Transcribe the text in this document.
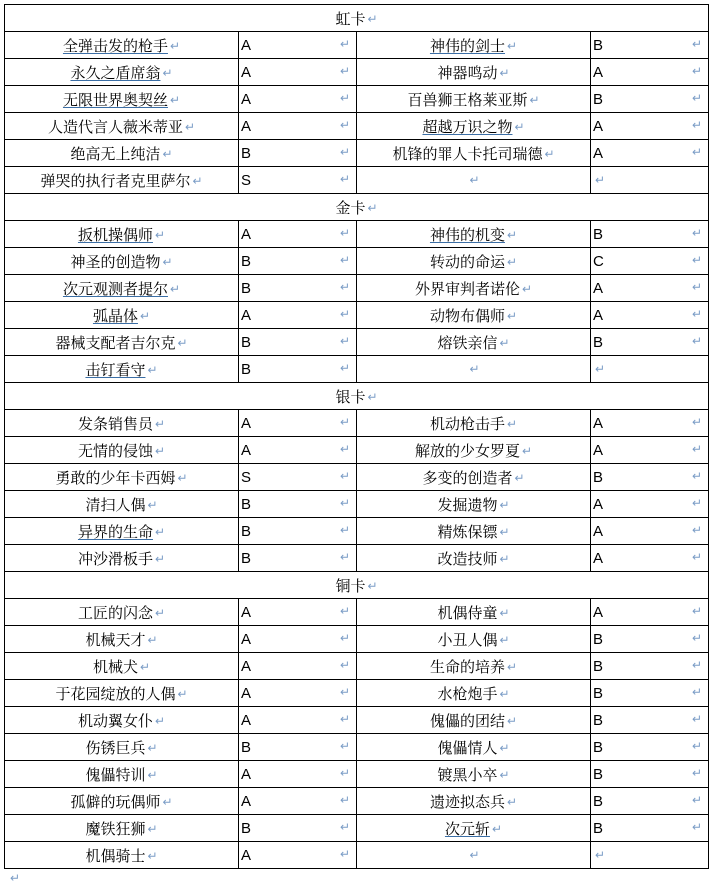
虹卡 ↵			
全弹击发的枪手 ↵	A ↵	神伟的剑士 ↵	B ↵

永久之盾席翁 ↵	A ↵	神器鸣动 ↵	A ↵

无限世界奥契丝 ↵	A ↵	百兽狮王格莱亚斯 ↵	B ↵

人造代言人薇米蒂亚 ↵	A ↵	超越万识之物 ↵	A ↵

绝高无上纯洁 ↵	B ↵	机锋的罪人卡托司瑞德 ↵	A ↵

弹哭的执行者克里萨尔 ↵	S ↵	↵	↵
金卡 ↵			
扳机操偶师 ↵	A ↵	神伟的机变 ↵	B ↵

神圣的创造物 ↵	B ↵	转动的命运 ↵	C ↵

次元观测者提尔 ↵	B ↵	外界审判者诺伦 ↵	A ↵

弧晶体 ↵	A ↵	动物布偶师 ↵	A ↵

器械支配者吉尔克 ↵	B ↵	熔铁亲信 ↵	B ↵

击钉看守 ↵	B ↵	↵	↵
银卡 ↵			
发条销售员 ↵	A ↵	机动枪击手 ↵	A ↵

无情的侵蚀 ↵	A ↵	解放的少女罗夏 ↵	A ↵

勇敢的少年卡西姆 ↵	S ↵	多变的创造者 ↵	B ↵

清扫人偶 ↵	B ↵	发掘遗物 ↵	A ↵

异界的生命 ↵	B ↵	精炼保镖 ↵	A ↵

冲沙滑板手 ↵	B ↵	改造技师 ↵	A ↵

铜卡 ↵			
工匠的闪念 ↵	A ↵	机偶侍童 ↵	A ↵

机械天才 ↵	A ↵	小丑人偶 ↵	B ↵

机械犬 ↵	A ↵	生命的培养 ↵	B ↵

于花园绽放的人偶 ↵	A ↵	水枪炮手 ↵	B ↵

机动翼女仆 ↵	A ↵	傀儡的团结 ↵	B ↵

伤锈巨兵 ↵	B ↵	傀儡情人 ↵	B ↵

傀儡特训 ↵	A ↵	镀黑小卒 ↵	B ↵

孤僻的玩偶师 ↵	A ↵	遗迹拟态兵 ↵	B ↵

魔铁狂狮 ↵	B ↵	次元斩 ↵	B ↵

机偶骑士 ↵	A ↵	↵	↵
↵
